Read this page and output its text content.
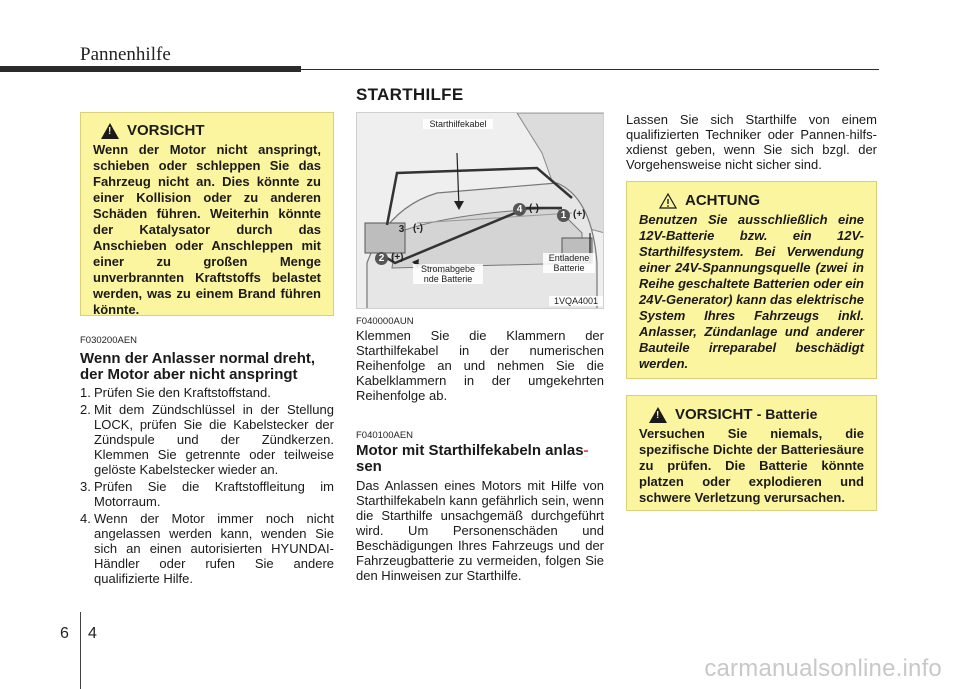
Pannenhilfe
STARTHILFE
! VORSICHT
Wenn der Motor nicht anspringt, schieben oder schleppen Sie das Fahrzeug nicht an. Dies könnte zu einer Kollision oder zu anderen Schäden führen. Weiterhin könnte der Katalysator durch das Anschieben oder Anschleppen mit einer zu großen Menge unverbrannten Kraftstoffs belastet werden, was zu einem Brand führen könnte.
F030200AEN
Wenn der Anlasser normal dreht, der Motor aber nicht anspringt
1. Prüfen Sie den Kraftstoffstand.
2. Mit dem Zündschlüssel in der Stellung LOCK, prüfen Sie die Kabelstecker der Zündspule und der Zündkerzen. Klemmen Sie getrennte oder teilweise gelöste Kabelstecker wieder an.
3. Prüfen Sie die Kraftstoffleitung im Motorraum.
4. Wenn der Motor immer noch nicht angelassen werden kann, wenden Sie sich an einen autorisierten HYUNDAI-Händler oder rufen Sie andere qualifizierte Hilfe.
Starthilfekabel
Stromabgebe nde Batterie
Entladene Batterie
1VQA4001
1 (+)
2 (+)
3 (-)
4 (-)
F040000AUN
Klemmen Sie die Klammern der Starthilfekabel in der numerischen Reihenfolge an und nehmen Sie die Kabelklammern in der umgekehrten Reihenfolge ab.
F040100AEN
Motor mit Starthilfekabeln anlas-
sen
Das Anlassen eines Motors mit Hilfe von Starthilfekabeln kann gefährlich sein, wenn die Starthilfe unsachgemäß durchgeführt wird. Um Personenschäden und Beschädigungen Ihres Fahrzeugs und der Fahrzeugbatterie zu vermeiden, folgen Sie den Hinweisen zur Starthilfe.
Lassen Sie sich Starthilfe von einem qualifizierten Techniker oder Pannen-hilfs-xdienst geben, wenn Sie sich bzgl. der Vorgehensweise nicht sicher sind.
ACHTUNG
Benutzen Sie ausschließlich eine 12V-Batterie bzw. ein 12V-Starthilfesystem. Bei Verwendung einer 24V-Spannungsquelle (zwei in Reihe geschaltete Batterien oder ein 24V-Generator) kann das elektrische System Ihres Fahrzeugs inkl. Anlasser, Zündanlage und anderer Bauteile irreparabel beschädigt werden.
! VORSICHT - Batterie
Versuchen Sie niemals, die spezifische Dichte der Batteriesäure zu prüfen. Die Batterie könnte platzen oder explodieren und schwere Verletzung verursachen.
6 4
carmanualsonline.info
